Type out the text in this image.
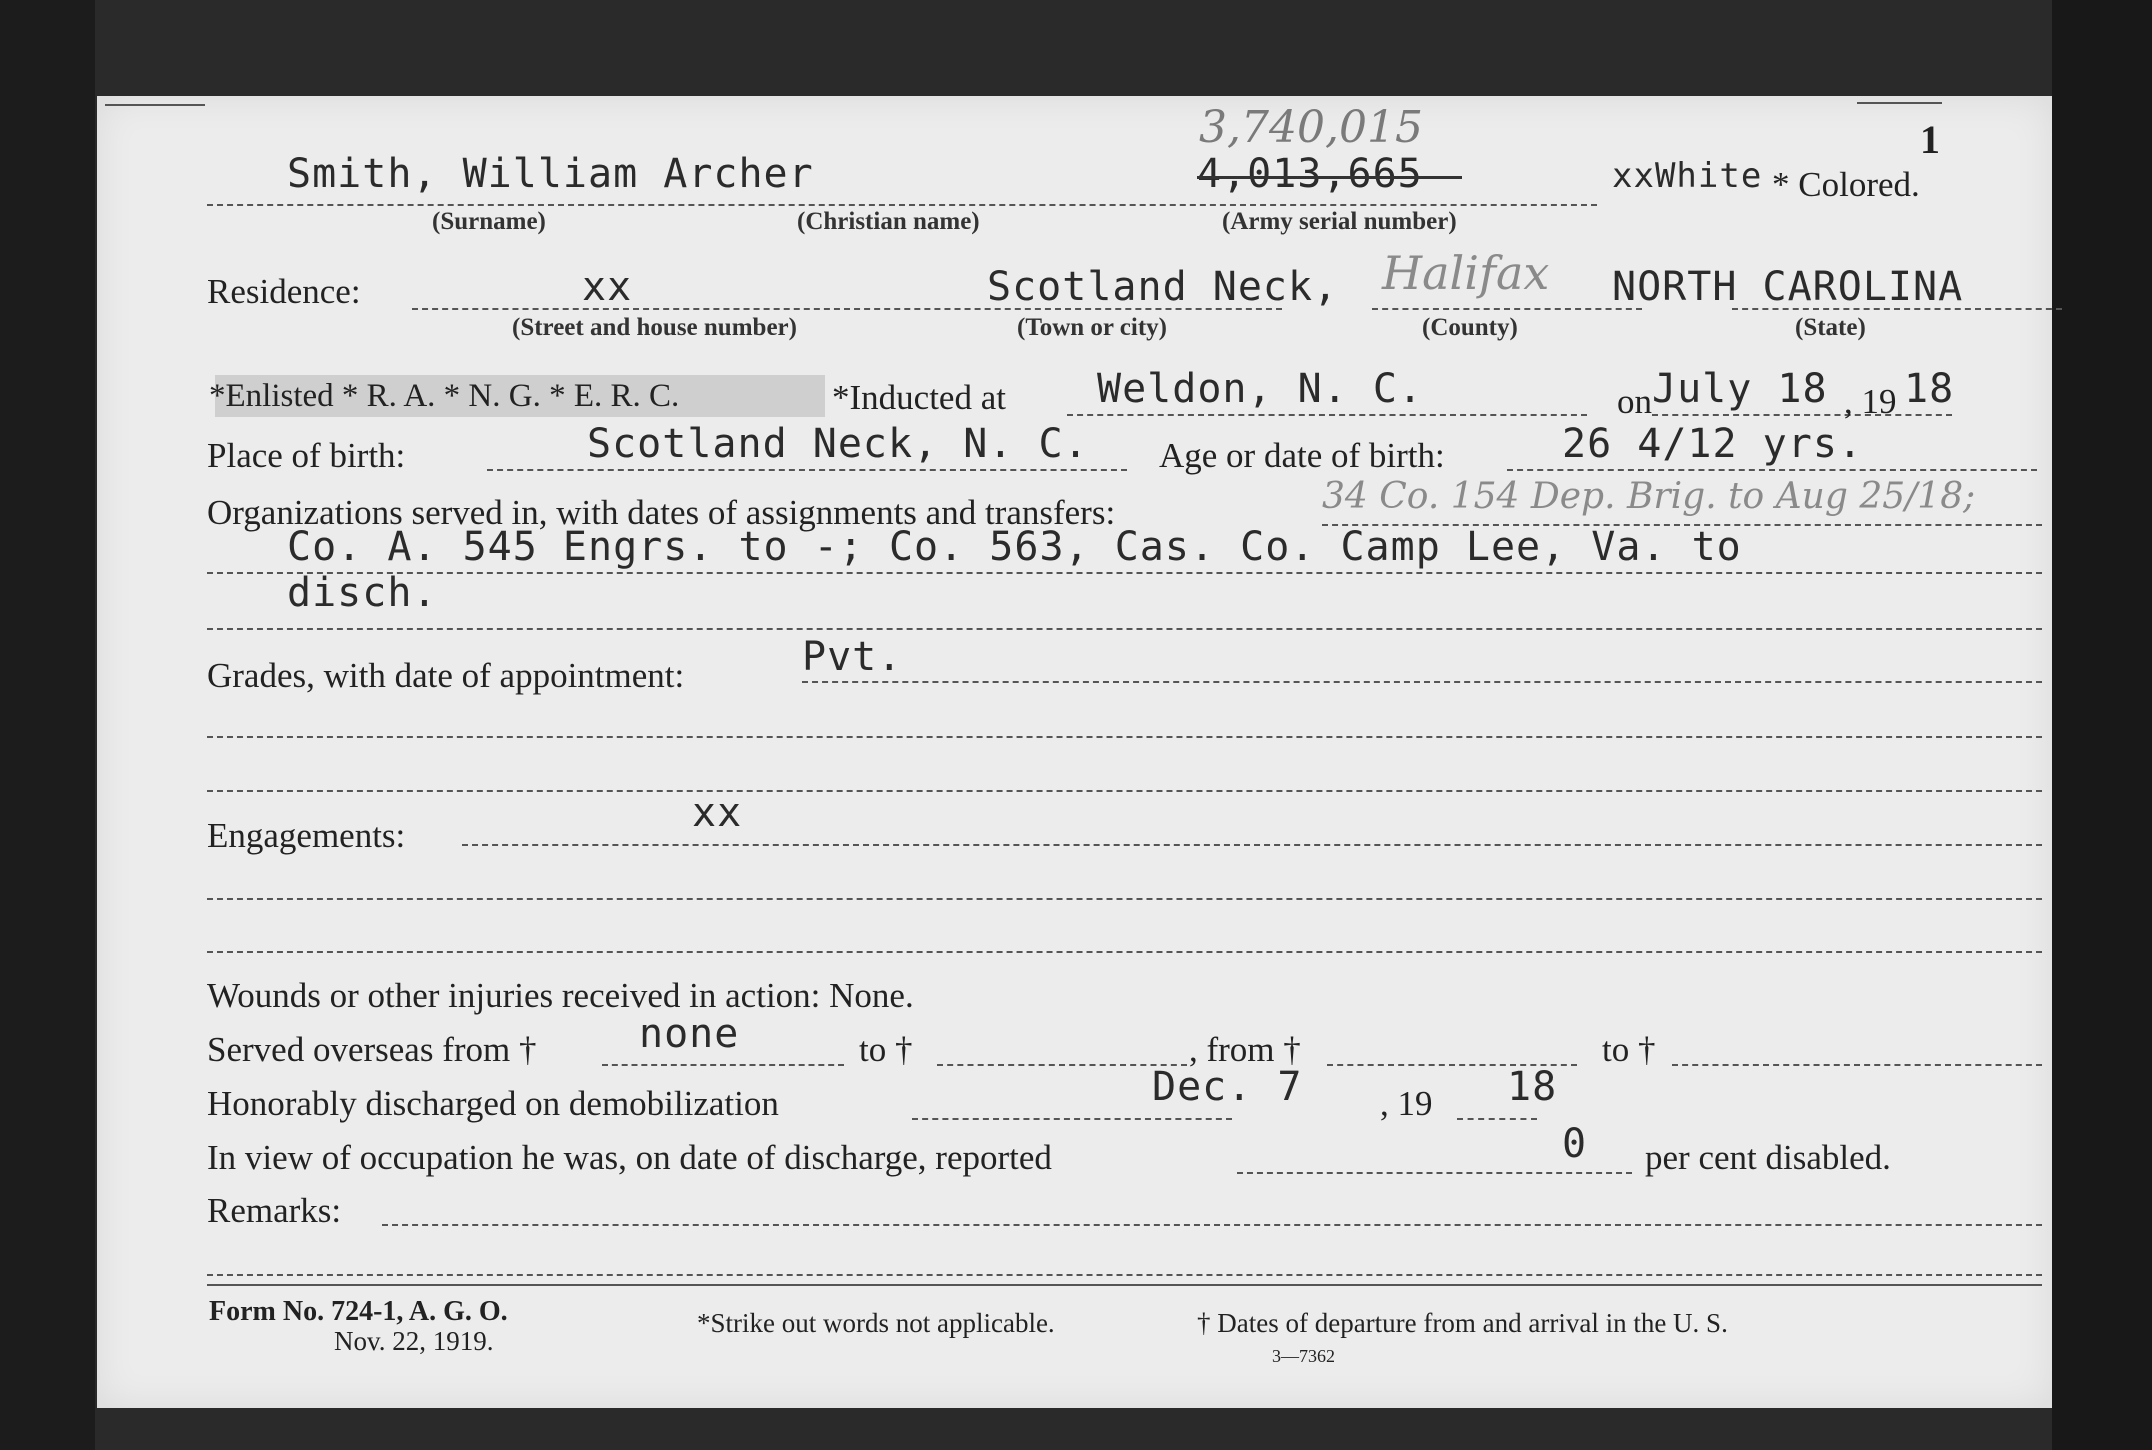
1
3,740,015
Smith, William Archer	4,013,665	xxWhite * Colored.
(Surname)	(Christian name)	(Army serial number)
Residence:	xx	Scotland Neck, Halifax NORTH CAROLINA
(Street and house number)	(Town or city)	(County)	(State)
*Enlisted * R. A. * N. G. * E. R. C.	*Inducted at Weldon, N. C.	on July 18 , 19 18
Place of birth:	Scotland Neck, N. C. Age or date of birth:	26 4/12 yrs.
Organizations served in, with dates of assignments and transfers:	34 Co. 154 Dep. Brig. to Aug 25/18;
Co. A. 545 Engrs. to -; Co. 563, Cas. Co. Camp Lee, Va. to
disch.
Grades, with date of appointment:	Pvt.
Engagements:	xx
Wounds or other injuries received in action: None.
Served overseas from †	none	to †	, from †	to †
Honorably discharged on demobilization	Dec. 7 , 19 18
In view of occupation he was, on date of discharge, reported	0 per cent disabled.
Remarks:
Form No. 724-1, A. G. O.
Nov. 22, 1919.
*Strike out words not applicable.	† Dates of departure from and arrival in the U. S.
3—7362
